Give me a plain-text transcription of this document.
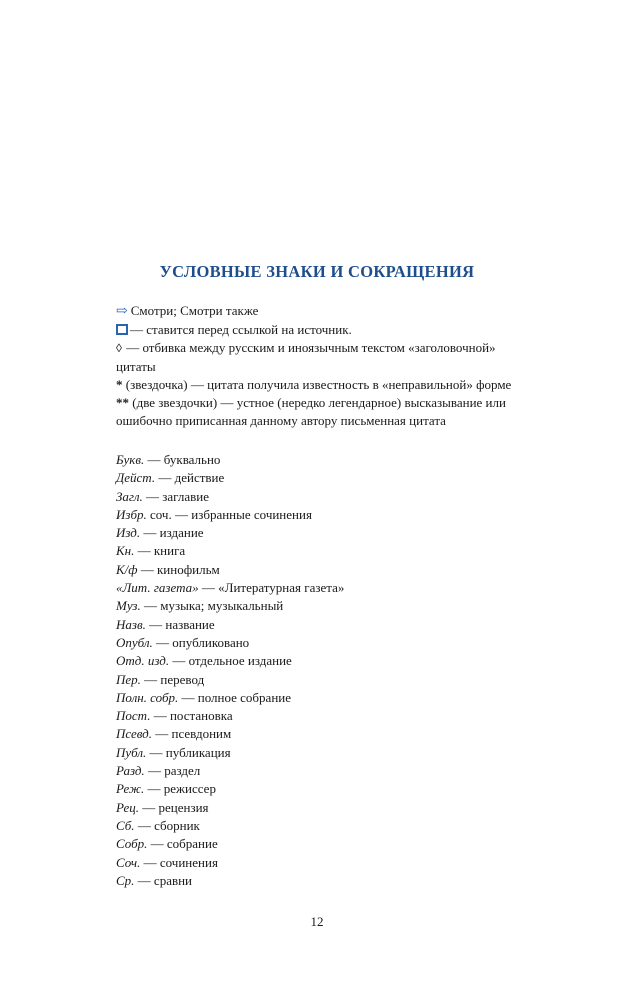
УСЛОВНЫЕ ЗНАКИ И СОКРАЩЕНИЯ

⇨ Смотри; Смотри также

— ставится перед ссылкой на источник.

◊ — отбивка между русским и иноязычным текстом «заголовочной» цитаты

* (звездочка) — цитата получила известность в «неправильной» форме

** (две звездочки) — устное (нередко легендарное) высказывание или ошибочно приписанная данному автору письменная цитата

Букв. — буквально
Дейст. — действие
Загл. — заглавие
Избр. соч. — избранные сочинения
Изд. — издание
Кн. — книга
К/ф — кинофильм
«Лит. газета» — «Литературная газета»
Муз. — музыка; музыкальный
Назв. — название
Опубл. — опубликовано
Отд. изд. — отдельное издание
Пер. — перевод
Полн. собр. — полное собрание
Пост. — постановка
Псевд. — псевдоним
Публ. — публикация
Разд. — раздел
Реж. — режиссер
Рец. — рецензия
Сб. — сборник
Собр. — собрание
Соч. — сочинения
Ср. — сравни
12
